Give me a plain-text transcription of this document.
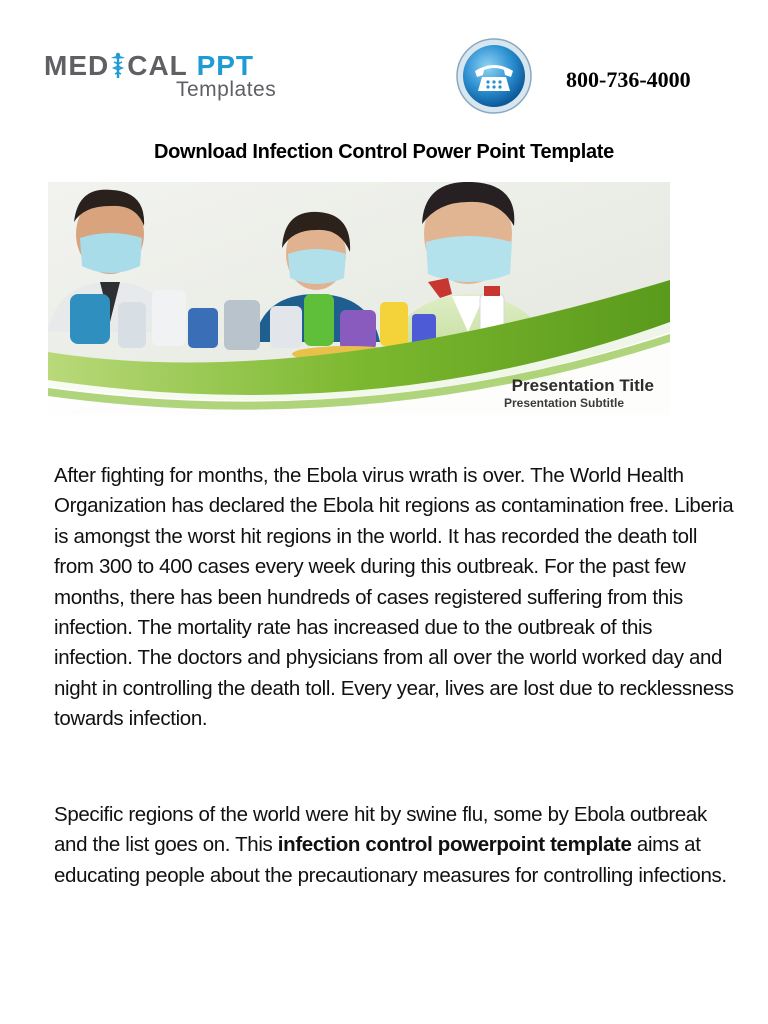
MED CAL PPT
Templates	800-736-4000
Download Infection Control Power Point Template
Presentation Title
Presentation Subtitle

After fighting for months, the Ebola virus wrath is over. The World Health Organization has declared the Ebola hit regions as contamination free. Liberia is amongst the worst hit regions in the world. It has recorded the death toll from 300 to 400 cases every week during this outbreak. For the past few months, there has been hundreds of cases registered suffering from this infection. The mortality rate has increased due to the outbreak of this infection. The doctors and physicians from all over the world worked day and night in controlling the death toll. Every year, lives are lost due to recklessness towards infection.

Specific regions of the world were hit by swine flu, some by Ebola outbreak and the list goes on. This infection control powerpoint template aims at educating people about the precautionary measures for controlling infections.
